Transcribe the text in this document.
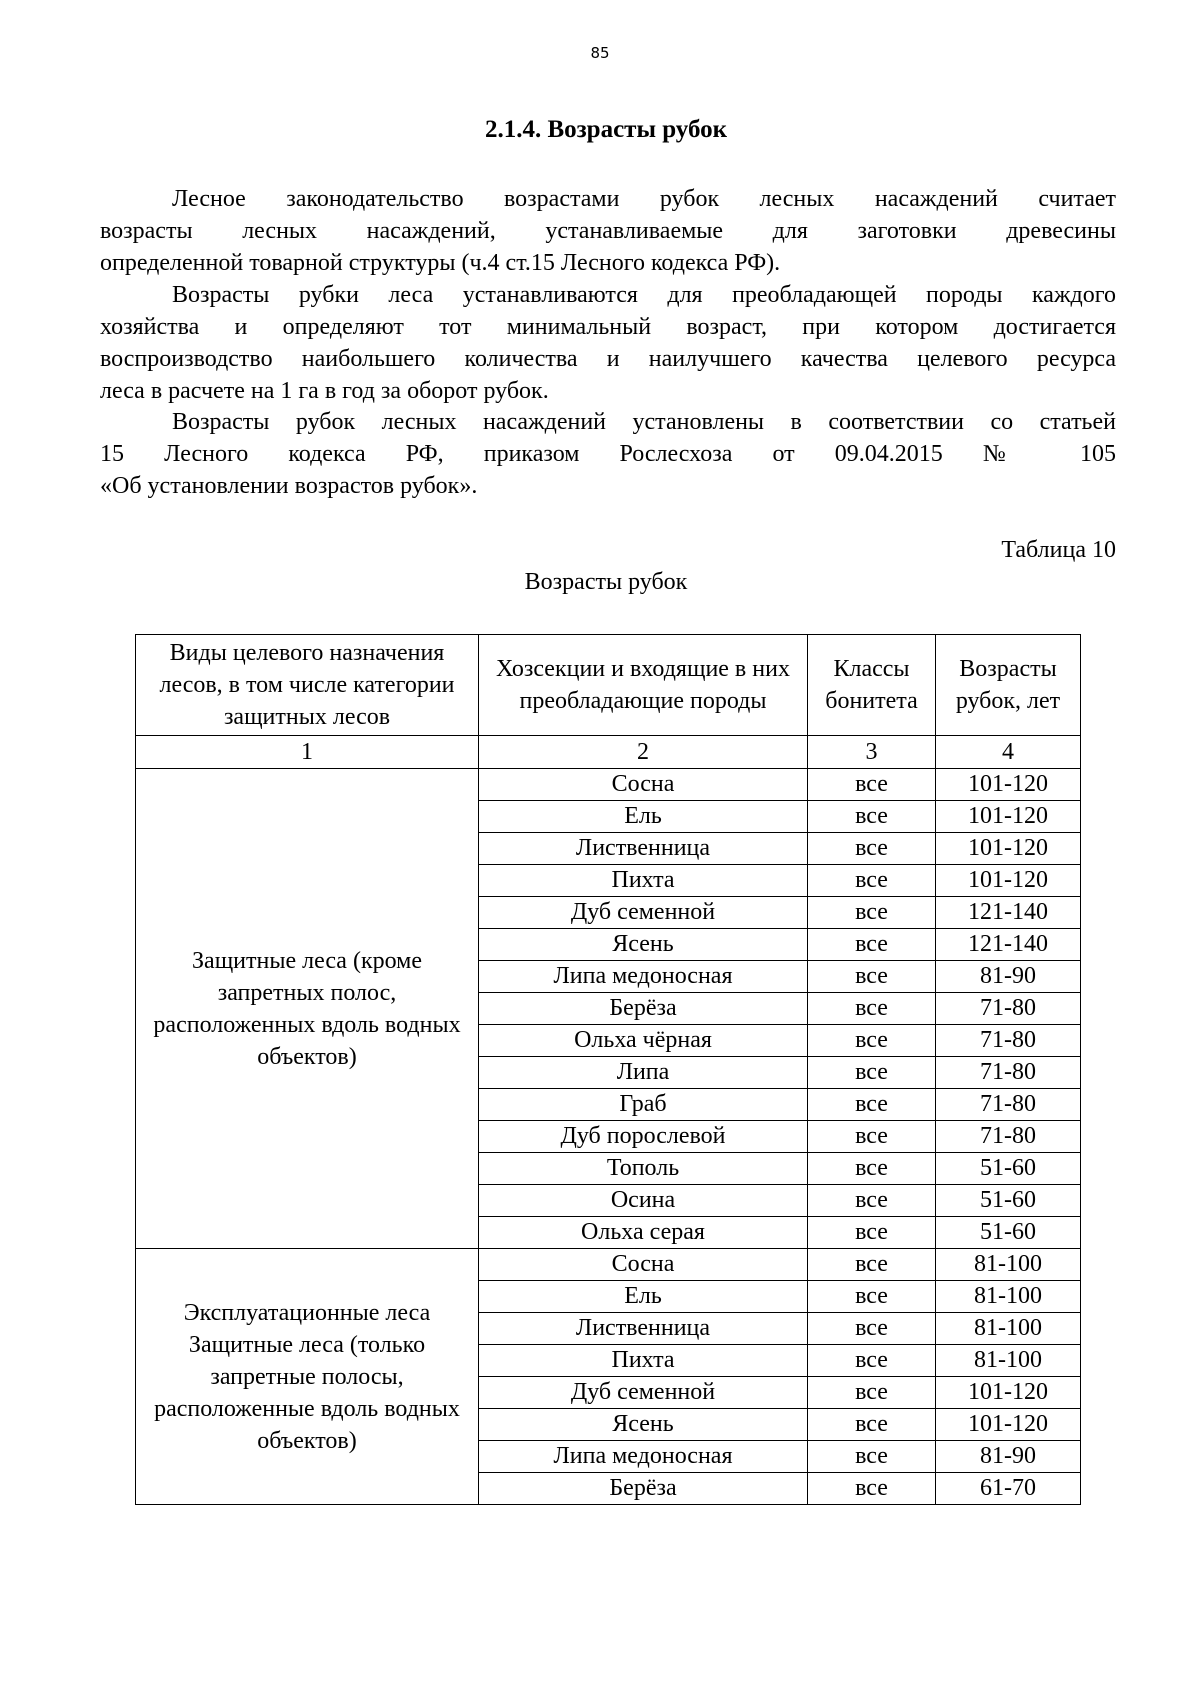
85
2.1.4. Возрасты рубок
Лесное законодательство возрастами рубок лесных насаждений считает
возрасты лесных насаждений, устанавливаемые для заготовки древесины
определенной товарной структуры (ч.4 ст.15 Лесного кодекса РФ).
Возрасты рубки леса устанавливаются для преобладающей породы каждого
хозяйства и определяют тот минимальный возраст, при котором достигается
воспроизводство наибольшего количества и наилучшего качества целевого ресурса
леса в расчете на 1 га в год за оборот рубок.
Возрасты рубок лесных насаждений установлены в соответствии со статьей
15 Лесного кодекса РФ, приказом Рослесхоза от 09.04.2015 № 105
«Об установлении возрастов рубок».
Таблица 10
Возрасты рубок
Виды целевого назначения лесов, в том числе категории защитных лесов	Хозсекции и входящие в них преобладающие породы	Классы бонитета	Возрасты рубок, лет
1	2	3	4
Защитные леса (кроме запретных полос, расположенных вдоль водных объектов)	Сосна	все	101-120
	Ель	все	101-120
	Лиственница	все	101-120
	Пихта	все	101-120
	Дуб семенной	все	121-140
	Ясень	все	121-140
	Липа медоносная	все	81-90
	Берёза	все	71-80
	Ольха чёрная	все	71-80
	Липа	все	71-80
	Граб	все	71-80
	Дуб порослевой	все	71-80
	Тополь	все	51-60
	Осина	все	51-60
	Ольха серая	все	51-60
Эксплуатационные леса Защитные леса (только запретные полосы, расположенные вдоль водных объектов)	Сосна	все	81-100
	Ель	все	81-100
	Лиственница	все	81-100
	Пихта	все	81-100
	Дуб семенной	все	101-120
	Ясень	все	101-120
	Липа медоносная	все	81-90
	Берёза	все	61-70
